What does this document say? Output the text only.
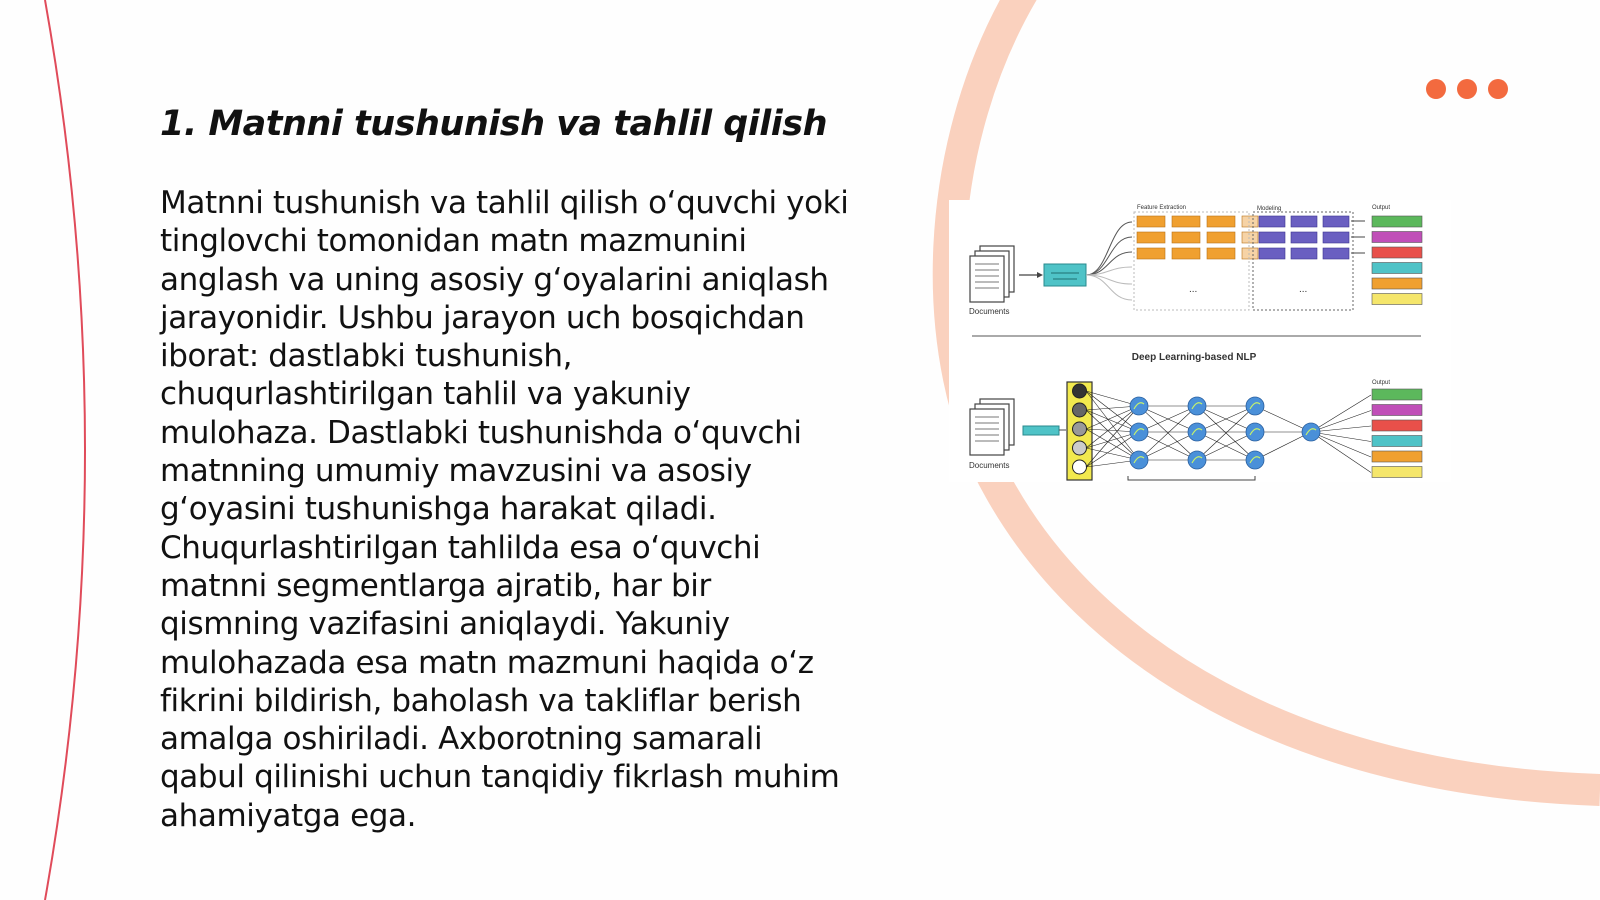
1. Matnni tushunish va tahlil qilish

Matnni tushunish va tahlil qilish o‘quvchi yoki tinglovchi tomonidan matn mazmunini anglash va uning asosiy g‘oyalarini aniqlash jarayonidir. Ushbu jarayon uch bosqichdan iborat: dastlabki tushunish, chuqurlashtirilgan tahlil va yakuniy mulohaza. Dastlabki tushunishda o‘quvchi matnning umumiy mavzusini va asosiy g‘oyasini tushunishga harakat qiladi. Chuqurlashtirilgan tahlilda esa o‘quvchi matnni segmentlarga ajratib, har bir qismning vazifasini aniqlaydi. Yakuniy mulohazada esa matn mazmuni haqida o‘z fikrini bildirish, baholash va takliflar berish amalga oshiriladi. Axborotning samarali qabul qilinishi uchun tanqidiy fikrlash muhim ahamiyatga ega.

Documents
Feature Extraction
...
Modeling
...
Output
Deep Learning-based NLP
Documents
Output
